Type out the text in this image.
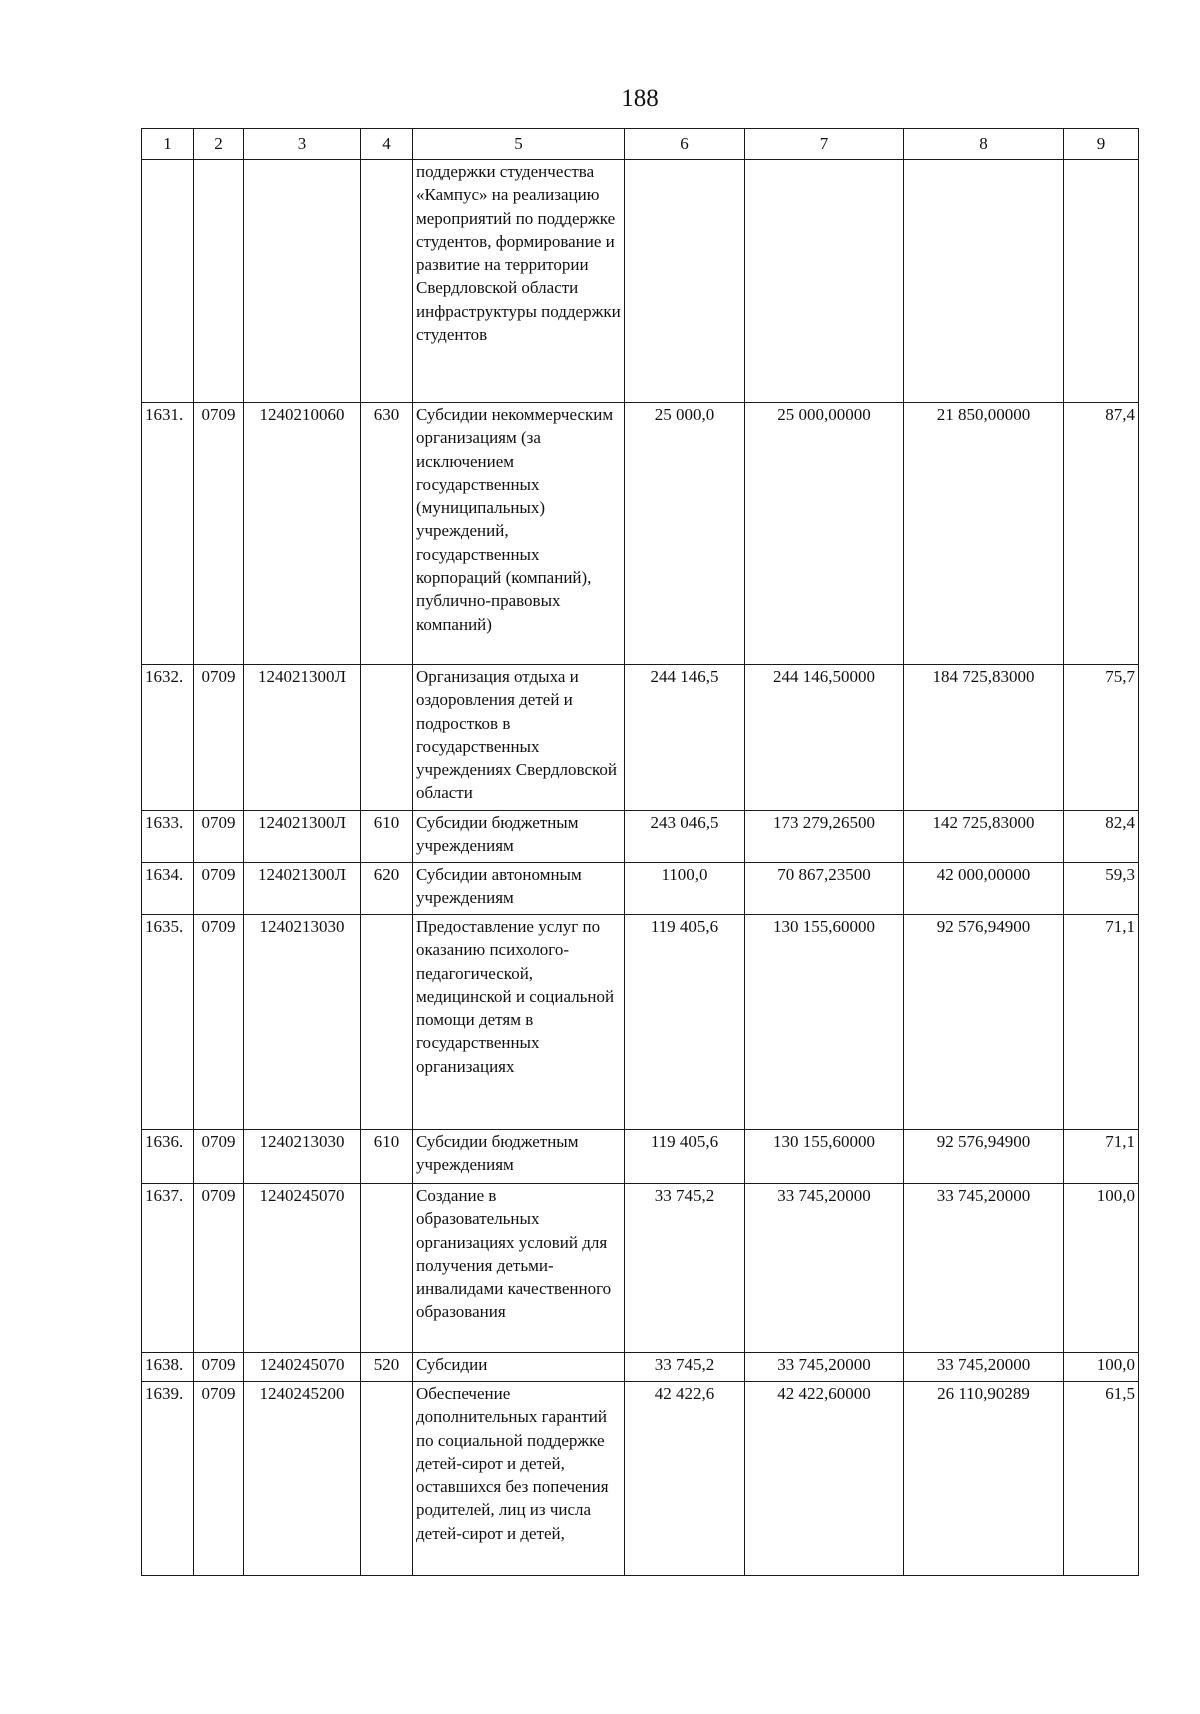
188
1	2	3	4	5	6	7	8	9
				поддержки студенчества «Кампус» на реализацию мероприятий по поддержке студентов, формирование и развитие на территории Свердловской области инфраструктуры поддержки студентов				
1631.	0709	1240210060	630	Субсидии некоммерческим организациям (за исключением государственных (муниципальных) учреждений, государственных корпораций (компаний), публично-правовых компаний)	25 000,0	25 000,00000	21 850,00000	87,4
1632.	0709	124021300Л		Организация отдыха и оздоровления детей и подростков в государственных учреждениях Свердловской области	244 146,5	244 146,50000	184 725,83000	75,7
1633.	0709	124021300Л	610	Субсидии бюджетным учреждениям	243 046,5	173 279,26500	142 725,83000	82,4
1634.	0709	124021300Л	620	Субсидии автономным учреждениям	1100,0	70 867,23500	42 000,00000	59,3
1635.	0709	1240213030		Предоставление услуг по оказанию психолого-педагогической, медицинской и социальной помощи детям в государственных организациях	119 405,6	130 155,60000	92 576,94900	71,1
1636.	0709	1240213030	610	Субсидии бюджетным учреждениям	119 405,6	130 155,60000	92 576,94900	71,1
1637.	0709	1240245070		Создание в образовательных организациях условий для получения детьми-инвалидами качественного образования	33 745,2	33 745,20000	33 745,20000	100,0
1638.	0709	1240245070	520	Субсидии	33 745,2	33 745,20000	33 745,20000	100,0
1639.	0709	1240245200		Обеспечение дополнительных гарантий по социальной поддержке детей-сирот и детей, оставшихся без попечения родителей, лиц из числа детей-сирот и детей,	42 422,6	42 422,60000	26 110,90289	61,5
